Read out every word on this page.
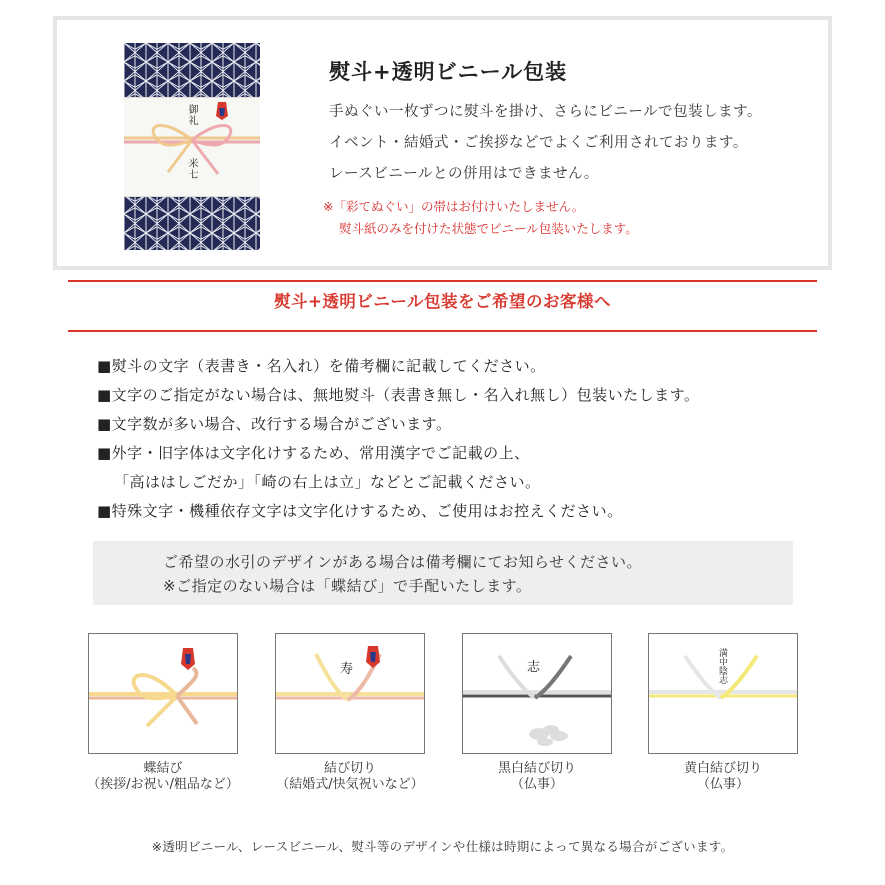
御礼
米七
熨斗+透明ビニール包装
手ぬぐい一枚ずつに熨斗を掛け、さらにビニールで包装します。
イベント・結婚式・ご挨拶などでよくご利用されております。
レースビニールとの併用はできません。
※「彩てぬぐい」の帯はお付けいたしません。
熨斗紙のみを付けた状態でビニール包装いたします。
熨斗+透明ビニール包装をご希望のお客様へ
■熨斗の文字（表書き・名入れ）を備考欄に記載してください。
■文字のご指定がない場合は、無地熨斗（表書き無し・名入れ無し）包装いたします。
■文字数が多い場合、改行する場合がございます。
■外字・旧字体は文字化けするため、常用漢字でご記載の上、
「高ははしごだか」「崎の右上は立」などとご記載ください。
■特殊文字・機種依存文字は文字化けするため、ご使用はお控えください。
ご希望の水引のデザインがある場合は備考欄にてお知らせください。
※ご指定のない場合は「蝶結び」で手配いたします。
蝶結び
（挨拶/お祝い/粗品など）
寿
結び切り
（結婚式/快気祝いなど）
志
黒白結び切り
（仏事）
満中陰志
黄白結び切り
（仏事）
※透明ビニール、レースビニール、熨斗等のデザインや仕様は時期によって異なる場合がございます。
